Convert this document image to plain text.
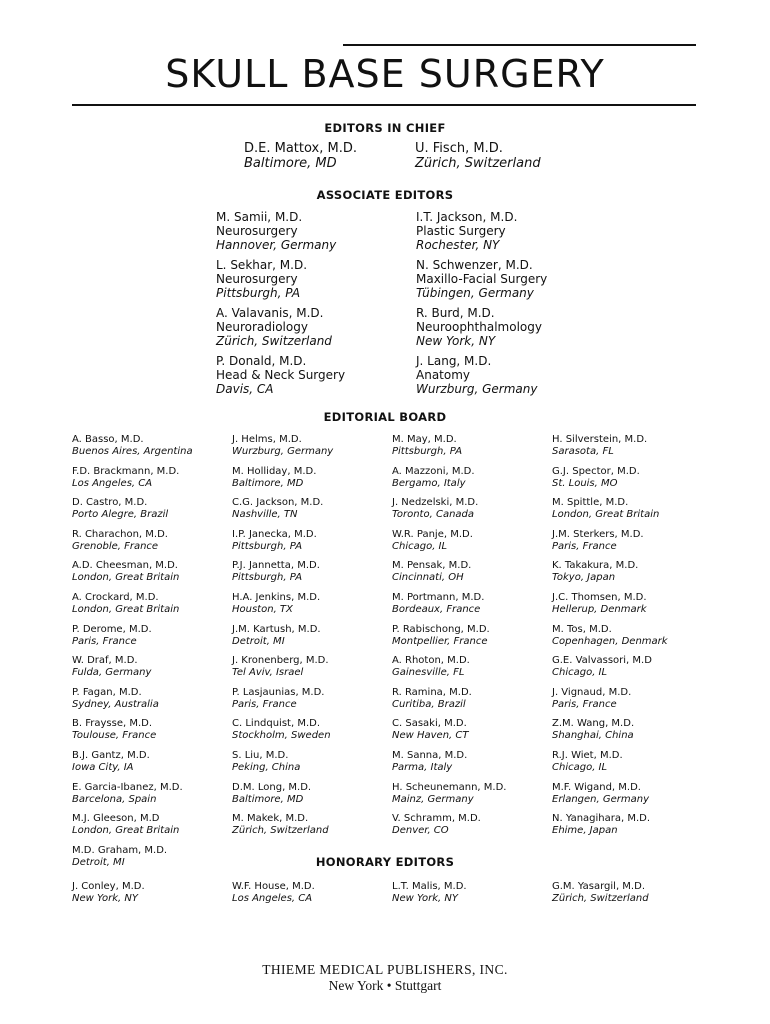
SKULL BASE SURGERY
EDITORS IN CHIEF
D.E. Mattox, M.D.
Baltimore, MD
U. Fisch, M.D.
Zürich, Switzerland
ASSOCIATE EDITORS
M. Samii, M.D.
Neurosurgery
Hannover, Germany
I.T. Jackson, M.D.
Plastic Surgery
Rochester, NY
L. Sekhar, M.D.
Neurosurgery
Pittsburgh, PA
N. Schwenzer, M.D.
Maxillo-Facial Surgery
Tübingen, Germany
A. Valavanis, M.D.
Neuroradiology
Zürich, Switzerland
R. Burd, M.D.
Neuroophthalmology
New York, NY
P. Donald, M.D.
Head & Neck Surgery
Davis, CA
J. Lang, M.D.
Anatomy
Wurzburg, Germany
EDITORIAL BOARD
A. Basso, M.D.
Buenos Aires, Argentina
F.D. Brackmann, M.D.
Los Angeles, CA
D. Castro, M.D.
Porto Alegre, Brazil
R. Charachon, M.D.
Grenoble, France
A.D. Cheesman, M.D.
London, Great Britain
A. Crockard, M.D.
London, Great Britain
P. Derome, M.D.
Paris, France
W. Draf, M.D.
Fulda, Germany
P. Fagan, M.D.
Sydney, Australia
B. Fraysse, M.D.
Toulouse, France
B.J. Gantz, M.D.
Iowa City, IA
E. Garcia-Ibanez, M.D.
Barcelona, Spain
M.J. Gleeson, M.D
London, Great Britain
M.D. Graham, M.D.
Detroit, MI
J. Helms, M.D.
Wurzburg, Germany
M. Holliday, M.D.
Baltimore, MD
C.G. Jackson, M.D.
Nashville, TN
I.P. Janecka, M.D.
Pittsburgh, PA
P.J. Jannetta, M.D.
Pittsburgh, PA
H.A. Jenkins, M.D.
Houston, TX
J.M. Kartush, M.D.
Detroit, MI
J. Kronenberg, M.D.
Tel Aviv, Israel
P. Lasjaunias, M.D.
Paris, France
C. Lindquist, M.D.
Stockholm, Sweden
S. Liu, M.D.
Peking, China
D.M. Long, M.D.
Baltimore, MD
M. Makek, M.D.
Zürich, Switzerland
M. May, M.D.
Pittsburgh, PA
A. Mazzoni, M.D.
Bergamo, Italy
J. Nedzelski, M.D.
Toronto, Canada
W.R. Panje, M.D.
Chicago, IL
M. Pensak, M.D.
Cincinnati, OH
M. Portmann, M.D.
Bordeaux, France
P. Rabischong, M.D.
Montpellier, France
A. Rhoton, M.D.
Gainesville, FL
R. Ramina, M.D.
Curitiba, Brazil
C. Sasaki, M.D.
New Haven, CT
M. Sanna, M.D.
Parma, Italy
H. Scheunemann, M.D.
Mainz, Germany
V. Schramm, M.D.
Denver, CO
H. Silverstein, M.D.
Sarasota, FL
G.J. Spector, M.D.
St. Louis, MO
M. Spittle, M.D.
London, Great Britain
J.M. Sterkers, M.D.
Paris, France
K. Takakura, M.D.
Tokyo, Japan
J.C. Thomsen, M.D.
Hellerup, Denmark
M. Tos, M.D.
Copenhagen, Denmark
G.E. Valvassori, M.D
Chicago, IL
J. Vignaud, M.D.
Paris, France
Z.M. Wang, M.D.
Shanghai, China
R.J. Wiet, M.D.
Chicago, IL
M.F. Wigand, M.D.
Erlangen, Germany
N. Yanagihara, M.D.
Ehime, Japan
HONORARY EDITORS
J. Conley, M.D.
New York, NY
W.F. House, M.D.
Los Angeles, CA
L.T. Malis, M.D.
New York, NY
G.M. Yasargil, M.D.
Zürich, Switzerland
THIEME MEDICAL PUBLISHERS, INC.
New York • Stuttgart
